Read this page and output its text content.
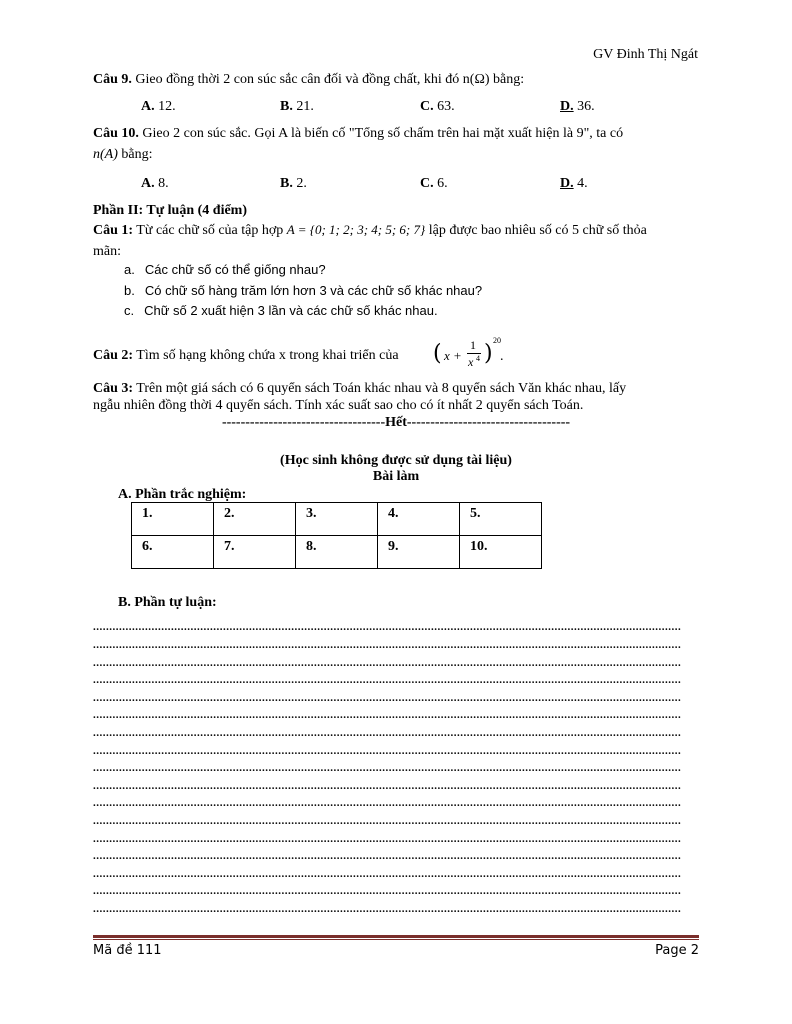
GV Đinh Thị Ngát
Câu 9. Gieo đồng thời 2 con súc sắc cân đối và đồng chất, khi đó n(Ω) bằng:
A. 12.	B. 21.	C. 63.	D. 36.
Câu 10. Gieo 2 con súc sắc. Gọi A là biến cố "Tổng số chấm trên hai mặt xuất hiện là 9", ta có
n(A) bằng:
A. 8.	B. 2.	C. 6.	D. 4.
Phần II: Tự luận (4 điểm)
Câu 1: Từ các chữ số của tập hợp A = {0; 1; 2; 3; 4; 5; 6; 7} lập được bao nhiêu số có 5 chữ số thỏa
mãn:
a. Các chữ số có thể giống nhau?
b. Có chữ số hàng trăm lớn hơn 3 và các chữ số khác nhau?
c. Chữ số 2 xuất hiện 3 lần và các chữ số khác nhau.
Câu 2: Tìm số hạng không chứa x trong khai triển của ( x +
1
x 4 )
20
.
Câu 3: Trên một giá sách có 6 quyển sách Toán khác nhau và 8 quyển sách Văn khác nhau, lấy
ngẫu nhiên đồng thời 4 quyển sách. Tính xác suất sao cho có ít nhất 2 quyển sách Toán.
-----------------------------------Hết-----------------------------------
(Học sinh không được sử dụng tài liệu)
Bài làm
A. Phần trắc nghiệm:
1.	2.	3.	4.	5.
6.	7.	8.	9.	10.
B. Phần tự luận:
.....................................................................................................................................................................................
.....................................................................................................................................................................................
.....................................................................................................................................................................................
.....................................................................................................................................................................................
.....................................................................................................................................................................................
.....................................................................................................................................................................................
.....................................................................................................................................................................................
.....................................................................................................................................................................................
.....................................................................................................................................................................................
.....................................................................................................................................................................................
.....................................................................................................................................................................................
.....................................................................................................................................................................................
.....................................................................................................................................................................................
.....................................................................................................................................................................................
.....................................................................................................................................................................................
.....................................................................................................................................................................................
.....................................................................................................................................................................................
Mã đề 111	Page 2
